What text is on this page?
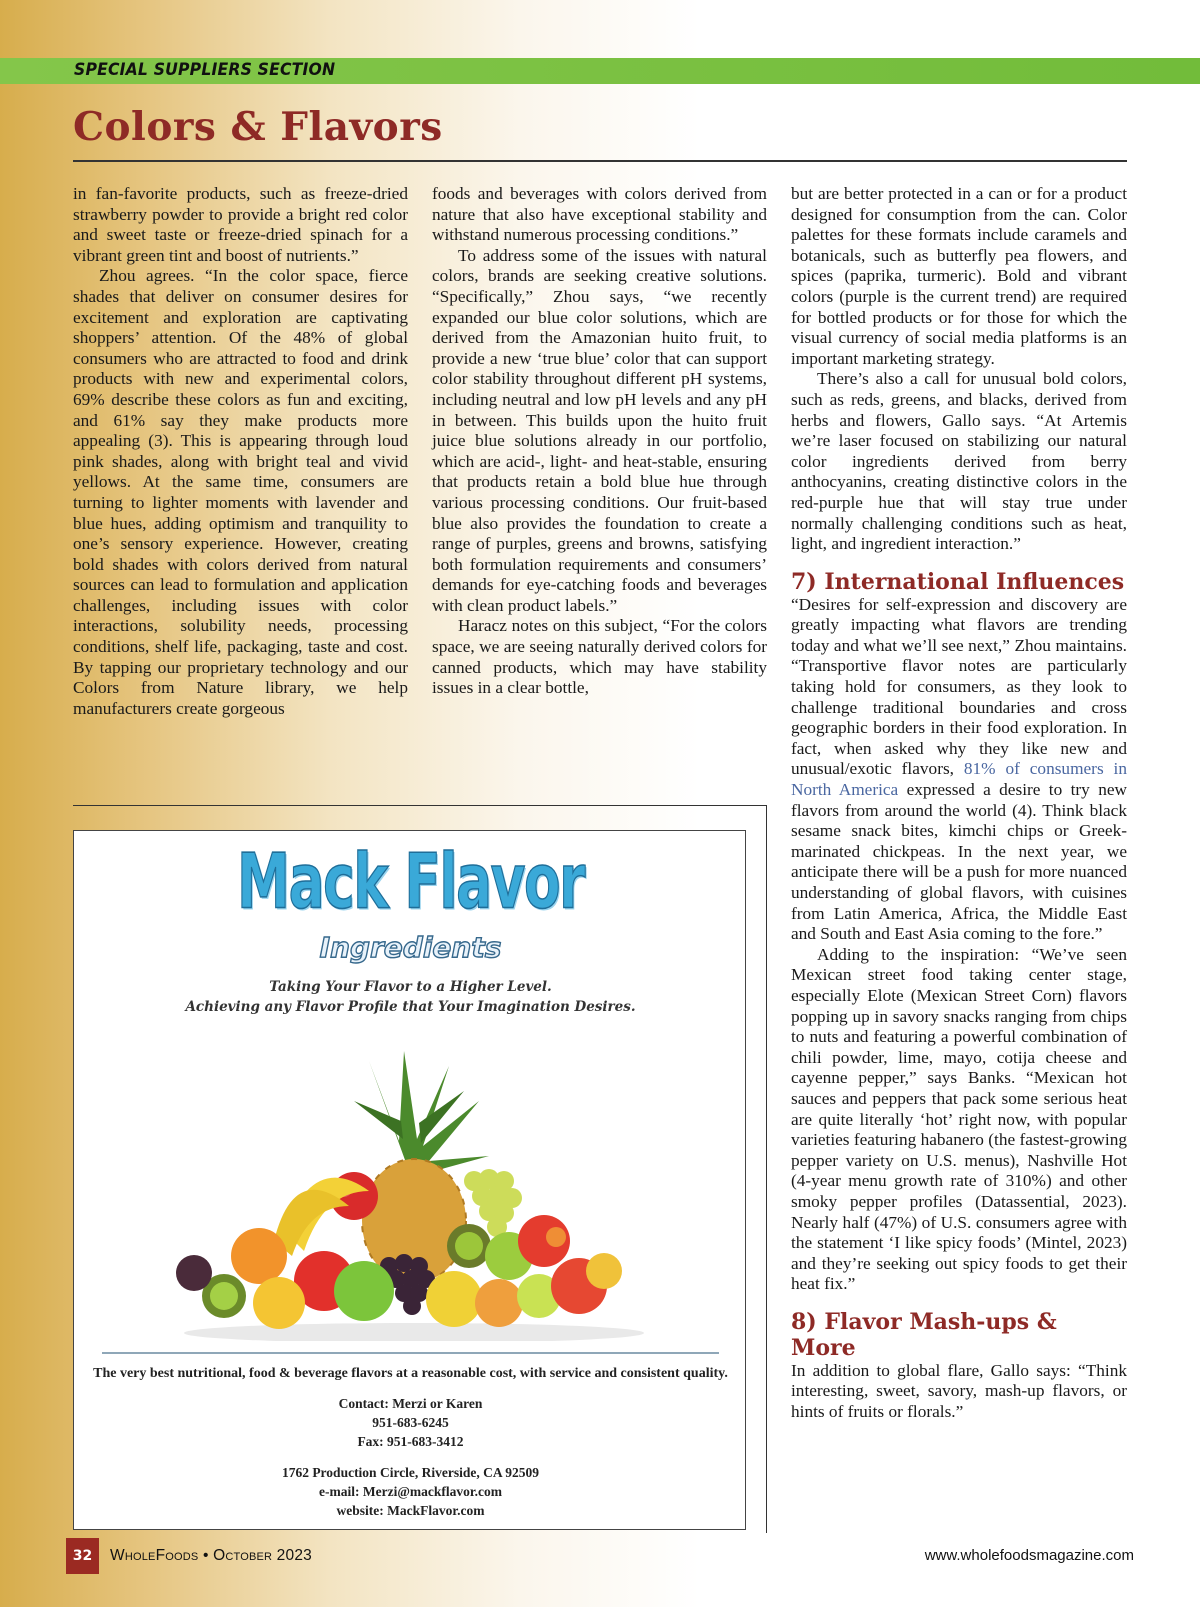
SPECIAL SUPPLIERS SECTION
Colors & Flavors

in fan-favorite products, such as freeze-dried strawberry powder to provide a bright red color and sweet taste or freeze-dried spinach for a vibrant green tint and boost of nutrients.”

Zhou agrees. “In the color space, fierce shades that deliver on consumer desires for excitement and exploration are captivating shoppers’ attention. Of the 48% of global consumers who are attracted to food and drink products with new and experimental colors, 69% describe these colors as fun and exciting, and 61% say they make products more appealing (3). This is appearing through loud pink shades, along with bright teal and vivid yellows. At the same time, consumers are turning to lighter moments with lavender and blue hues, adding optimism and tranquility to one’s sensory experience. However, creating bold shades with colors derived from natural sources can lead to formulation and application challenges, including issues with color interactions, solubility needs, processing conditions, shelf life, packaging, taste and cost. By tapping our proprietary technology and our Colors from Nature library, we help manufacturers create gorgeous

foods and beverages with colors derived from nature that also have exceptional stability and withstand numerous processing conditions.”

To address some of the issues with natural colors, brands are seeking creative solutions. “Specifically,” Zhou says, “we recently expanded our blue color solutions, which are derived from the Amazonian huito fruit, to provide a new ‘true blue’ color that can support color stability throughout different pH systems, including neutral and low pH levels and any pH in between. This builds upon the huito fruit juice blue solutions already in our portfolio, which are acid-, light- and heat-stable, ensuring that products retain a bold blue hue through various processing conditions. Our fruit-based blue also provides the foundation to create a range of purples, greens and browns, satisfying both formulation requirements and consumers’ demands for eye-catching foods and beverages with clean product labels.”

Haracz notes on this subject, “For the colors space, we are seeing naturally derived colors for canned products, which may have stability issues in a clear bottle,

but are better protected in a can or for a product designed for consumption from the can. Color palettes for these formats include caramels and botanicals, such as butterfly pea flowers, and spices (paprika, turmeric). Bold and vibrant colors (purple is the current trend) are required for bottled products or for those for which the visual currency of social media platforms is an important marketing strategy.

There’s also a call for unusual bold colors, such as reds, greens, and blacks, derived from herbs and flowers, Gallo says. “At Artemis we’re laser focused on stabilizing our natural color ingredients derived from berry anthocyanins, creating distinctive colors in the red-purple hue that will stay true under normally challenging conditions such as heat, light, and ingredient interaction.”

7) International Influences

“Desires for self-expression and discovery are greatly impacting what flavors are trending today and what we’ll see next,” Zhou maintains. “Transportive flavor notes are particularly taking hold for consumers, as they look to challenge traditional boundaries and cross geographic borders in their food exploration. In fact, when asked why they like new and unusual/exotic flavors, 81% of consumers in North America expressed a desire to try new flavors from around the world (4). Think black sesame snack bites, kimchi chips or Greek-marinated chickpeas. In the next year, we anticipate there will be a push for more nuanced understanding of global flavors, with cuisines from Latin America, Africa, the Middle East and South and East Asia coming to the fore.”

Adding to the inspiration: “We’ve seen Mexican street food taking center stage, especially Elote (Mexican Street Corn) flavors popping up in savory snacks ranging from chips to nuts and featuring a powerful combination of chili powder, lime, mayo, cotija cheese and cayenne pepper,” says Banks. “Mexican hot sauces and peppers that pack some serious heat are quite literally ‘hot’ right now, with popular varieties featuring habanero (the fastest-growing pepper variety on U.S. menus), Nashville Hot (4-year menu growth rate of 310%) and other smoky pepper profiles (Datassential, 2023). Nearly half (47%) of U.S. consumers agree with the statement ‘I like spicy foods’ (Mintel, 2023) and they’re seeking out spicy foods to get their heat fix.”

8) Flavor Mash-ups & More

In addition to global flare, Gallo says: “Think interesting, sweet, savory, mash-up flavors, or hints of fruits or florals.”

Mack Flavor
Ingredients
Taking Your Flavor to a Higher Level.
Achieving any Flavor Profile that Your Imagination Desires.
The very best nutritional, food & beverage flavors at a reasonable cost, with service and consistent quality.
Contact: Merzi or Karen
951-683-6245
Fax: 951-683-3412
1762 Production Circle, Riverside, CA 92509
e-mail: Merzi@mackflavor.com
website: MackFlavor.com
32	WholeFoods • October 2023	www.wholefoodsmagazine.com
